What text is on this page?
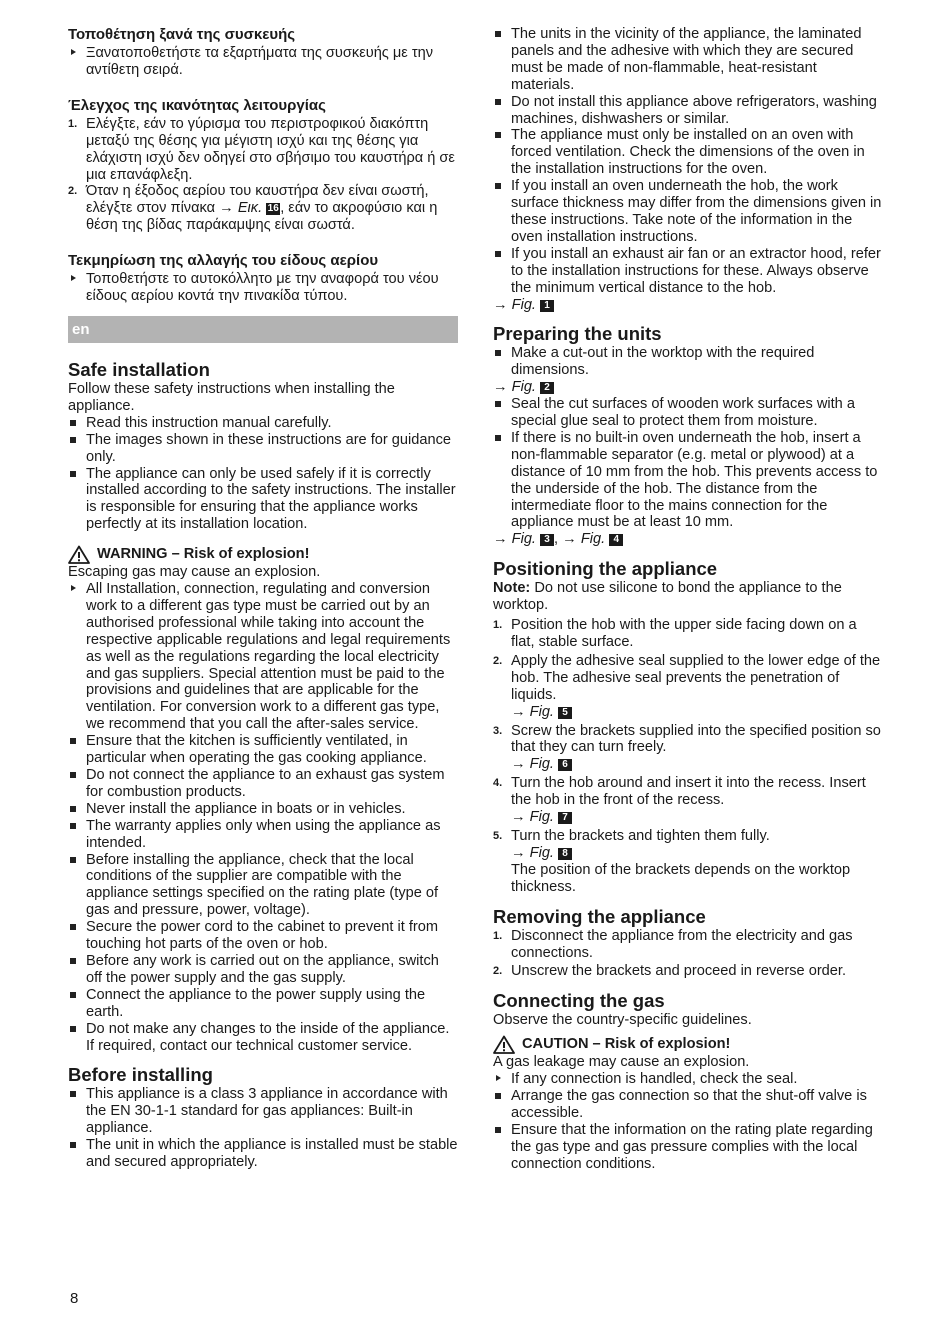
Τοποθέτηση ξανά της συσκευής
Ξανατοποθετήστε τα εξαρτήματα της συσκευής με την αντίθετη σειρά.
Έλεγχος της ικανότητας λειτουργίας
1. Ελέγξτε, εάν το γύρισμα του περιστροφικού διακόπτη μεταξύ της θέσης για μέγιστη ισχύ και της θέσης για ελάχιστη ισχύ δεν οδηγεί στο σβήσιμο του καυστήρα ή σε μια επανάφλεξη.
2. Όταν η έξοδος αερίου του καυστήρα δεν είναι σωστή, ελέγξτε στον πίνακα → Εικ. 16, εάν το ακροφύσιο και η θέση της βίδας παράκαμψης είναι σωστά.
Τεκμηρίωση της αλλαγής του είδους αερίου
Τοποθετήστε το αυτοκόλλητο με την αναφορά του νέου είδους αερίου κοντά την πινακίδα τύπου.
en
Safe installation

Follow these safety instructions when installing the appliance.

Read this instruction manual carefully.
The images shown in these instructions are for guidance only.
The appliance can only be used safely if it is correctly installed according to the safety instructions. The installer is responsible for ensuring that the appliance works perfectly at its installation location.
WARNING – Risk of explosion!

Escaping gas may cause an explosion.

All Installation, connection, regulating and conversion work to a different gas type must be carried out by an authorised professional while taking into account the respective applicable regulations and legal requirements as well as the regulations regarding the local electricity and gas suppliers. Special attention must be paid to the provisions and guidelines that are applicable for the ventilation. For conversion work to a different gas type, we recommend that you call the after-sales service.
Ensure that the kitchen is sufficiently ventilated, in particular when operating the gas cooking appliance.
Do not connect the appliance to an exhaust gas system for combustion products.
Never install the appliance in boats or in vehicles.
The warranty applies only when using the appliance as intended.
Before installing the appliance, check that the local conditions of the supplier are compatible with the appliance settings specified on the rating plate (type of gas and pressure, power, voltage).
Secure the power cord to the cabinet to prevent it from touching hot parts of the oven or hob.
Before any work is carried out on the appliance, switch off the power supply and the gas supply.
Connect the appliance to the power supply using the earth.
Do not make any changes to the inside of the appliance. If required, contact our technical customer service.
Before installing
This appliance is a class 3 appliance in accordance with the EN 30-1-1 standard for gas appliances: Built-in appliance.
The unit in which the appliance is installed must be stable and secured appropriately.
The units in the vicinity of the appliance, the laminated panels and the adhesive with which they are secured must be made of non-flammable, heat-resistant materials.
Do not install this appliance above refrigerators, washing machines, dishwashers or similar.
The appliance must only be installed on an oven with forced ventilation. Check the dimensions of the oven in the installation instructions for the oven.
If you install an oven underneath the hob, the work surface thickness may differ from the dimensions given in these instructions. Take note of the information in the oven installation instructions.
If you install an exhaust air fan or an extractor hood, refer to the installation instructions for these. Always observe the minimum vertical distance to the hob.

→ Fig. 1

Preparing the units
Make a cut-out in the worktop with the required dimensions.

→ Fig. 2

Seal the cut surfaces of wooden work surfaces with a special glue seal to protect them from moisture.
If there is no built-in oven underneath the hob, insert a non-flammable separator (e.g. metal or plywood) at a distance of 10 mm from the hob. This prevents access to the underside of the hob. The distance from the intermediate floor to the mains connection for the appliance must be at least 10 mm.

→ Fig. 3 , → Fig. 4

Positioning the appliance

Note: Do not use silicone to bond the appliance to the worktop.

1. Position the hob with the upper side facing down on a flat, stable surface.
2. Apply the adhesive seal supplied to the lower edge of the hob. The adhesive seal prevents the penetration of liquids.
→ Fig. 5
3. Screw the brackets supplied into the specified position so that they can turn freely.
→ Fig. 6
4. Turn the hob around and insert it into the recess. Insert the hob in the front of the recess.
→ Fig. 7
5. Turn the brackets and tighten them fully.
→ Fig. 8
The position of the brackets depends on the worktop thickness.
Removing the appliance
1. Disconnect the appliance from the electricity and gas connections.
2. Unscrew the brackets and proceed in reverse order.
Connecting the gas

Observe the country-specific guidelines.

CAUTION – Risk of explosion!

A gas leakage may cause an explosion.

If any connection is handled, check the seal.
Arrange the gas connection so that the shut-off valve is accessible.
Ensure that the information on the rating plate regarding the gas type and gas pressure complies with the local connection conditions.
8
